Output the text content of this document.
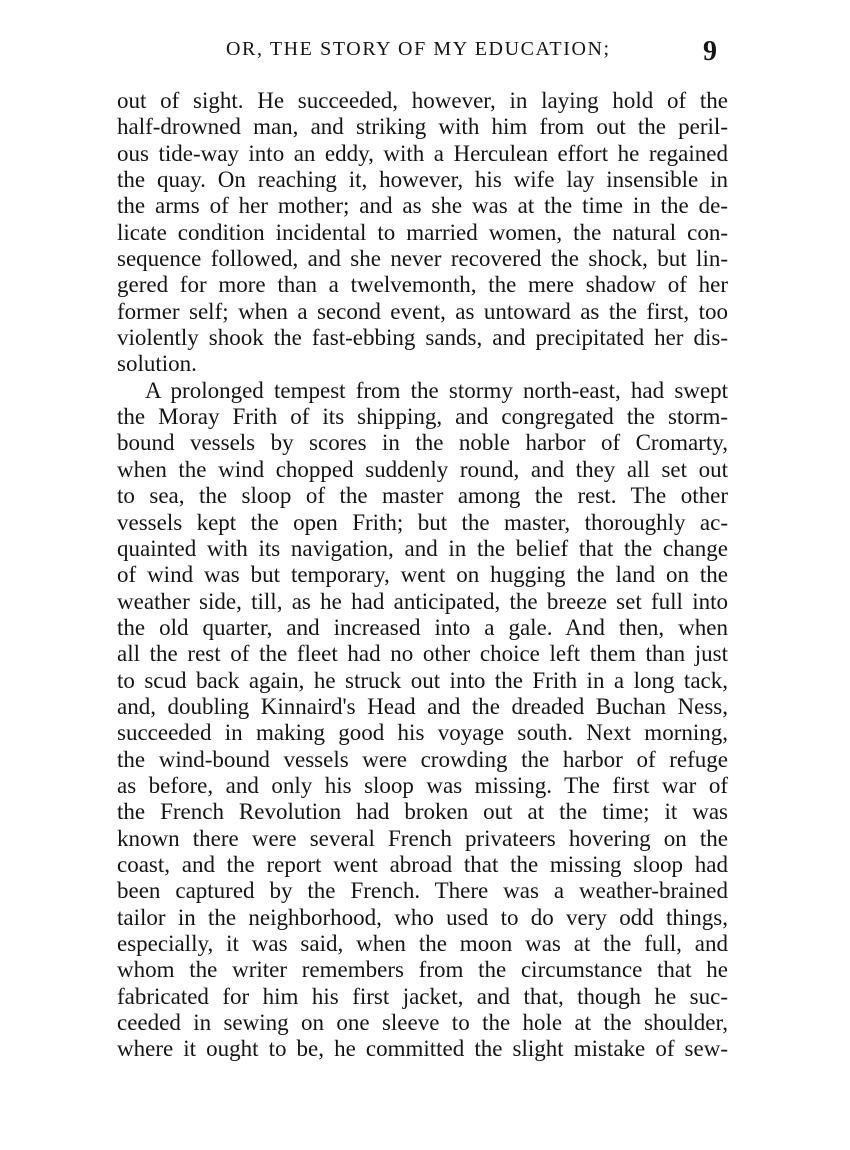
OR, THE STORY OF MY EDUCATION;	9
out of sight. He succeeded, however, in laying hold of the
half-drowned man, and striking with him from out the peril-
ous tide-way into an eddy, with a Herculean effort he regained
the quay. On reaching it, however, his wife lay insensible in
the arms of her mother; and as she was at the time in the de-
licate condition incidental to married women, the natural con-
sequence followed, and she never recovered the shock, but lin-
gered for more than a twelvemonth, the mere shadow of her
former self; when a second event, as untoward as the first, too
violently shook the fast-ebbing sands, and precipitated her dis-
solution.
A prolonged tempest from the stormy north-east, had swept
the Moray Frith of its shipping, and congregated the storm-
bound vessels by scores in the noble harbor of Cromarty,
when the wind chopped suddenly round, and they all set out
to sea, the sloop of the master among the rest. The other
vessels kept the open Frith; but the master, thoroughly ac-
quainted with its navigation, and in the belief that the change
of wind was but temporary, went on hugging the land on the
weather side, till, as he had anticipated, the breeze set full into
the old quarter, and increased into a gale. And then, when
all the rest of the fleet had no other choice left them than just
to scud back again, he struck out into the Frith in a long tack,
and, doubling Kinnaird's Head and the dreaded Buchan Ness,
succeeded in making good his voyage south. Next morning,
the wind-bound vessels were crowding the harbor of refuge
as before, and only his sloop was missing. The first war of
the French Revolution had broken out at the time; it was
known there were several French privateers hovering on the
coast, and the report went abroad that the missing sloop had
been captured by the French. There was a weather-brained
tailor in the neighborhood, who used to do very odd things,
especially, it was said, when the moon was at the full, and
whom the writer remembers from the circumstance that he
fabricated for him his first jacket, and that, though he suc-
ceeded in sewing on one sleeve to the hole at the shoulder,
where it ought to be, he committed the slight mistake of sew-
